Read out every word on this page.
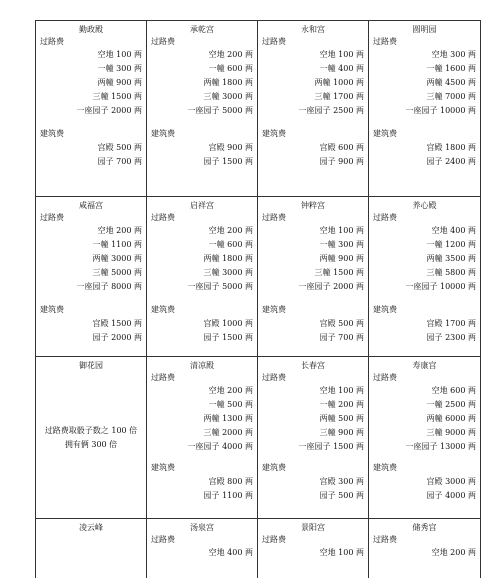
勤政殿
过路费
空地 100 两
一幢 300 两
两幢 900 两
三幢 1500 两
一座园子 2000 两
建筑费
宫殿 500 两
园子 700 两
承乾宫
过路费
空地 200 两
一幢 600 两
两幢 1800 两
三幢 3000 两
一座园子 5000 两
建筑费
宫殿 900 两
园子 1500 两
永和宫
过路费
空地 100 两
一幢 400 两
两幢 1000 两
三幢 1700 两
一座园子 2500 两
建筑费
宫殿 600 两
园子 900 两
圆明园
过路费
空地 300 两
一幢 1600 两
两幢 4500 两
三幢 7000 两
一座园子 10000 两
建筑费
宫殿 1800 两
园子 2400 两
咸福宫
过路费
空地 200 两
一幢 1100 两
两幢 3000 两
三幢 5000 两
一座园子 8000 两
建筑费
宫殿 1500 两
园子 2000 两
启祥宫
过路费
空地 200 两
一幢 600 两
两幢 1800 两
三幢 3000 两
一座园子 5000 两
建筑费
宫殿 1000 两
园子 1500 两
钟粹宫
过路费
空地 100 两
一幢 300 两
两幢 900 两
三幢 1500 两
一座园子 2000 两
建筑费
宫殿 500 两
园子 700 两
养心殿
过路费
空地 400 两
一幢 1200 两
两幢 3500 两
三幢 5800 两
一座园子 10000 两
建筑费
宫殿 1700 两
园子 2300 两
御花园
过路费取骰子数之 100 倍
拥有俩 300 倍
清凉殿
过路费
空地 200 两
一幢 500 两
两幢 1300 两
三幢 2000 两
一座园子 4000 两
建筑费
宫殿 800 两
园子 1100 两
长春宫
过路费
空地 100 两
一幢 200 两
两幢 500 两
三幢 900 两
一座园子 1500 两
建筑费
宫殿 300 两
园子 500 两
寿康宫
过路费
空地 600 两
一幢 2500 两
两幢 6000 两
三幢 9000 两
一座园子 13000 两
建筑费
宫殿 3000 两
园子 4000 两
凌云峰	汤泉宫
过路费
空地 400 两
景阳宫
过路费
空地 100 两
储秀宫
过路费
空地 200 两
